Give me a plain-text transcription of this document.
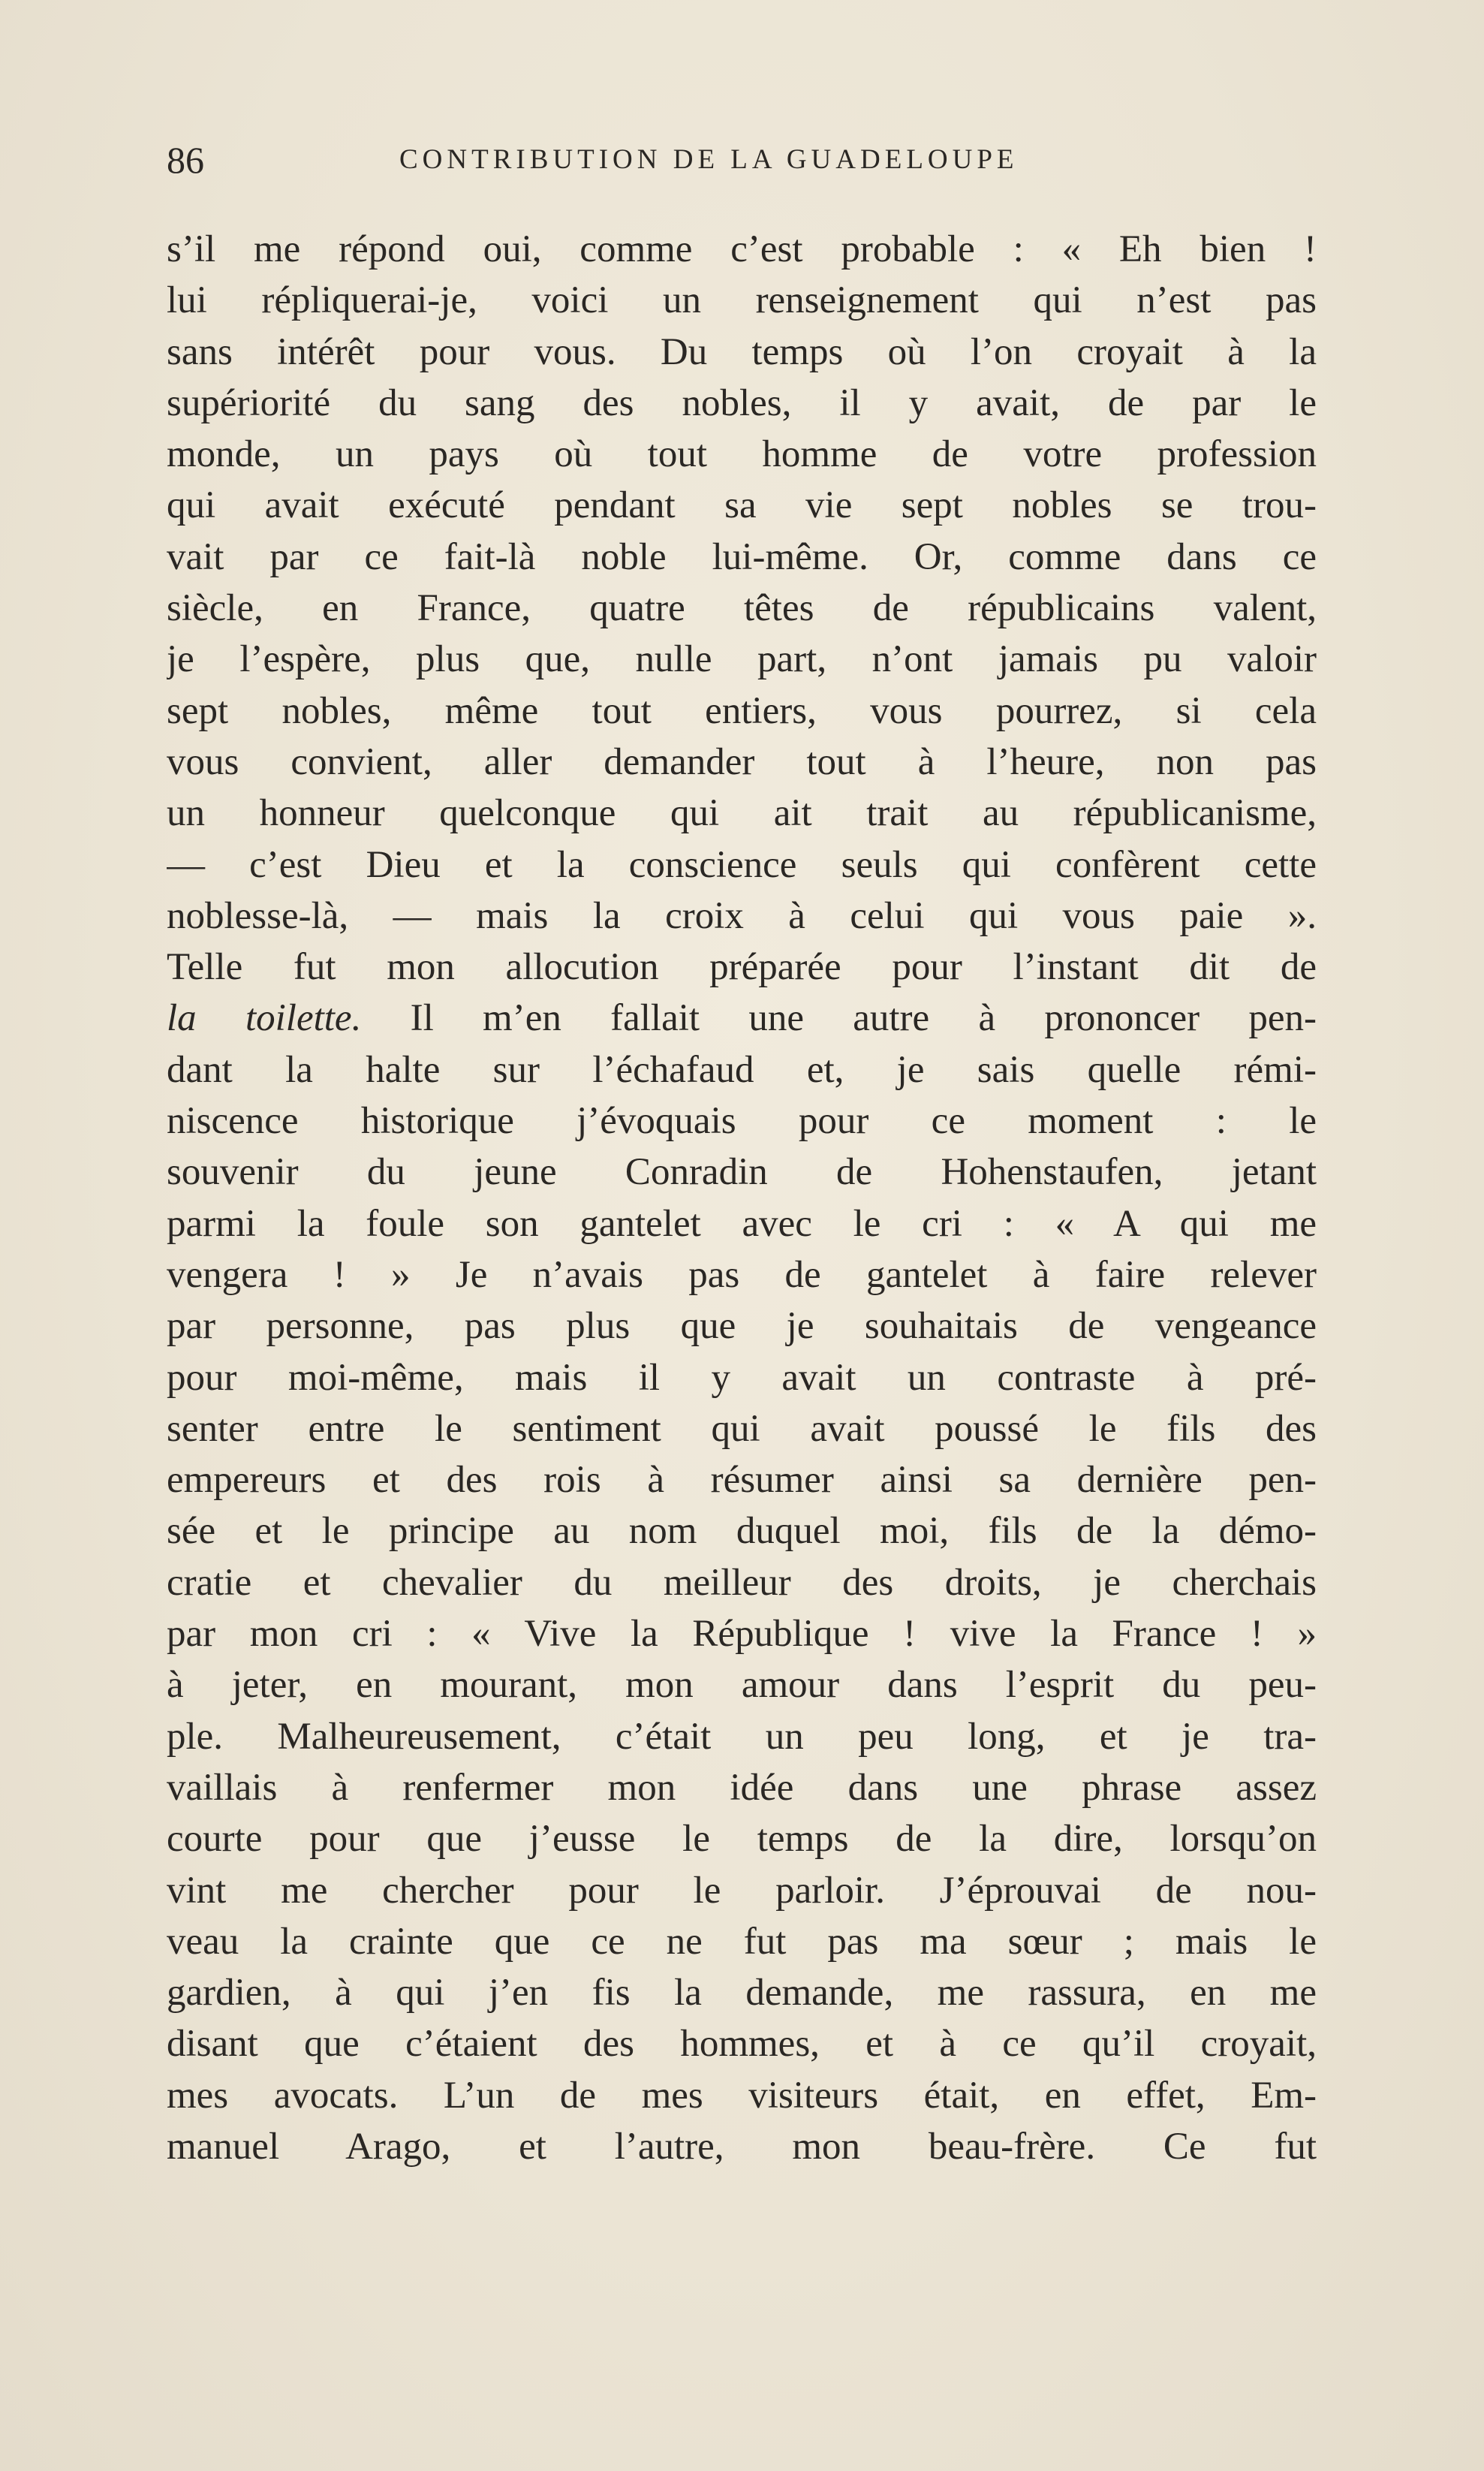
86	CONTRIBUTION DE LA GUADELOUPE
s’il me répond oui, comme c’est probable : « Eh bien !
lui répliquerai-je, voici un renseignement qui n’est pas
sans intérêt pour vous. Du temps où l’on croyait à la
supériorité du sang des nobles, il y avait, de par le
monde, un pays où tout homme de votre profession
qui avait exécuté pendant sa vie sept nobles se trou-
vait par ce fait-là noble lui-même. Or, comme dans ce
siècle, en France, quatre têtes de républicains valent,
je l’espère, plus que, nulle part, n’ont jamais pu valoir
sept nobles, même tout entiers, vous pourrez, si cela
vous convient, aller demander tout à l’heure, non pas
un honneur quelconque qui ait trait au républicanisme,
— c’est Dieu et la conscience seuls qui confèrent cette
noblesse-là, — mais la croix à celui qui vous paie ».
Telle fut mon allocution préparée pour l’instant dit de
la toilette. Il m’en fallait une autre à prononcer pen-
dant la halte sur l’échafaud et, je sais quelle rémi-
niscence historique j’évoquais pour ce moment : le
souvenir du jeune Conradin de Hohenstaufen, jetant
parmi la foule son gantelet avec le cri : « A qui me
vengera ! » Je n’avais pas de gantelet à faire relever
par personne, pas plus que je souhaitais de vengeance
pour moi-même, mais il y avait un contraste à pré-
senter entre le sentiment qui avait poussé le fils des
empereurs et des rois à résumer ainsi sa dernière pen-
sée et le principe au nom duquel moi, fils de la démo-
cratie et chevalier du meilleur des droits, je cherchais
par mon cri : « Vive la République ! vive la France ! »
à jeter, en mourant, mon amour dans l’esprit du peu-
ple. Malheureusement, c’était un peu long, et je tra-
vaillais à renfermer mon idée dans une phrase assez
courte pour que j’eusse le temps de la dire, lorsqu’on
vint me chercher pour le parloir. J’éprouvai de nou-
veau la crainte que ce ne fut pas ma sœur ; mais le
gardien, à qui j’en fis la demande, me rassura, en me
disant que c’étaient des hommes, et à ce qu’il croyait,
mes avocats. L’un de mes visiteurs était, en effet, Em-
manuel Arago, et l’autre, mon beau-frère. Ce fut
